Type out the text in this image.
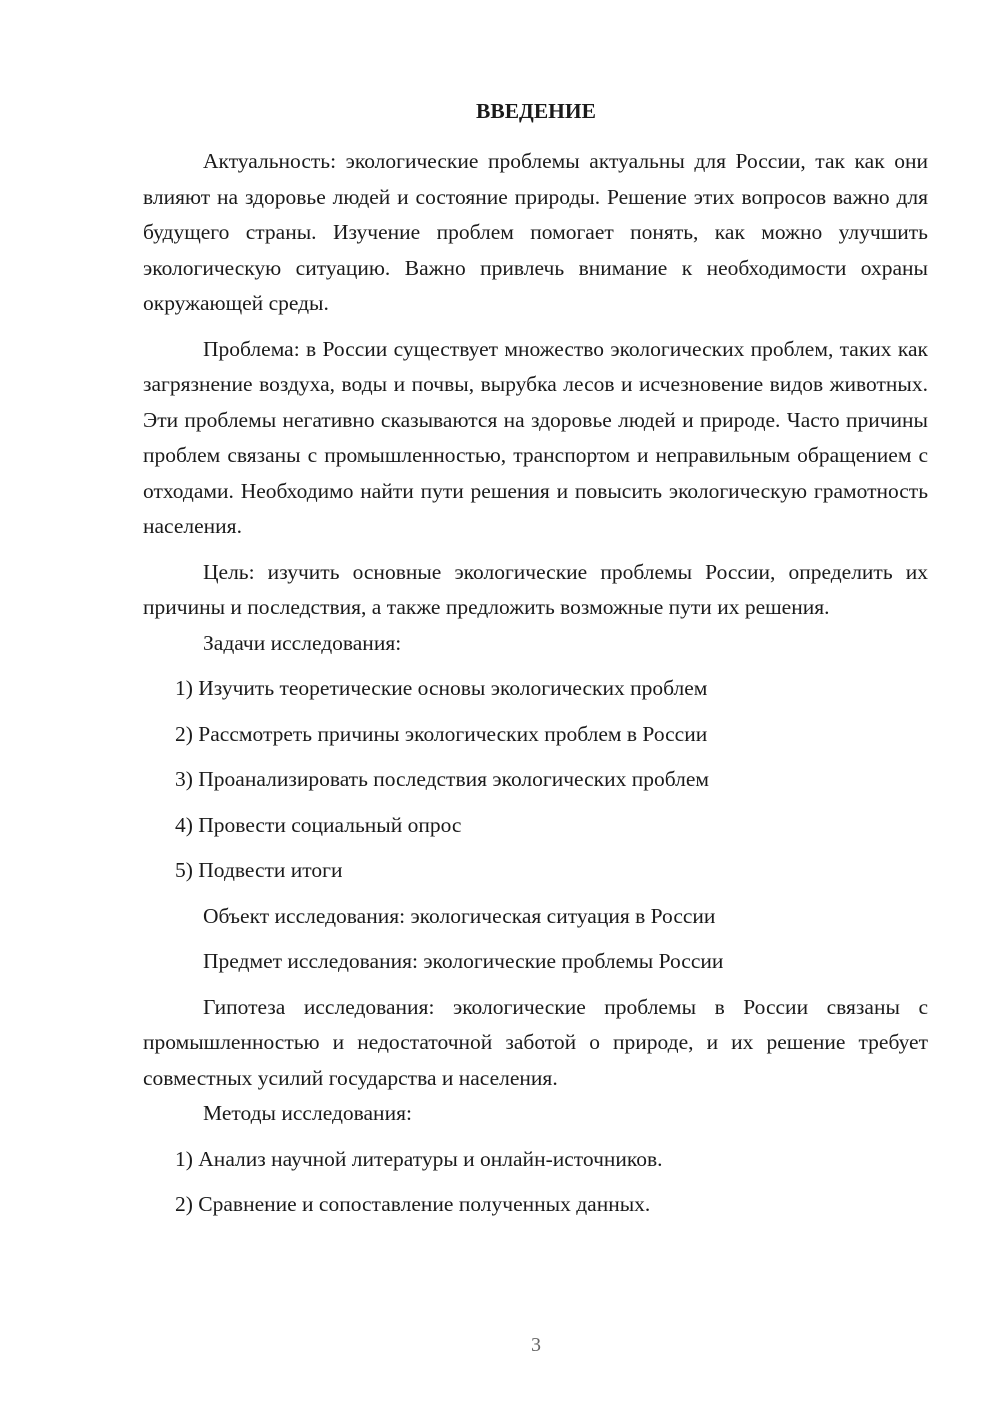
ВВЕДЕНИЕ

Актуальность: экологические проблемы актуальны для России, так как они влияют на здоровье людей и состояние природы. Решение этих вопросов важно для будущего страны. Изучение проблем помогает понять, как можно улучшить экологическую ситуацию. Важно привлечь внимание к необходимости охраны окружающей среды.

Проблема: в России существует множество экологических проблем, таких как загрязнение воздуха, воды и почвы, вырубка лесов и исчезновение видов животных. Эти проблемы негативно сказываются на здоровье людей и природе. Часто причины проблем связаны с промышленностью, транспортом и неправильным обращением с отходами. Необходимо найти пути решения и повысить экологическую грамотность населения.

Цель: изучить основные экологические проблемы России, определить их причины и последствия, а также предложить возможные пути их решения.

Задачи исследования:

1) Изучить теоретические основы экологических проблем

2) Рассмотреть причины экологических проблем в России

3) Проанализировать последствия экологических проблем

4) Провести социальный опрос

5) Подвести итоги

Объект исследования: экологическая ситуация в России

Предмет исследования: экологические проблемы России

Гипотеза исследования: экологические проблемы в России связаны с промышленностью и недостаточной заботой о природе, и их решение требует совместных усилий государства и населения.

Методы исследования:

1) Анализ научной литературы и онлайн-источников.

2) Сравнение и сопоставление полученных данных.

3
